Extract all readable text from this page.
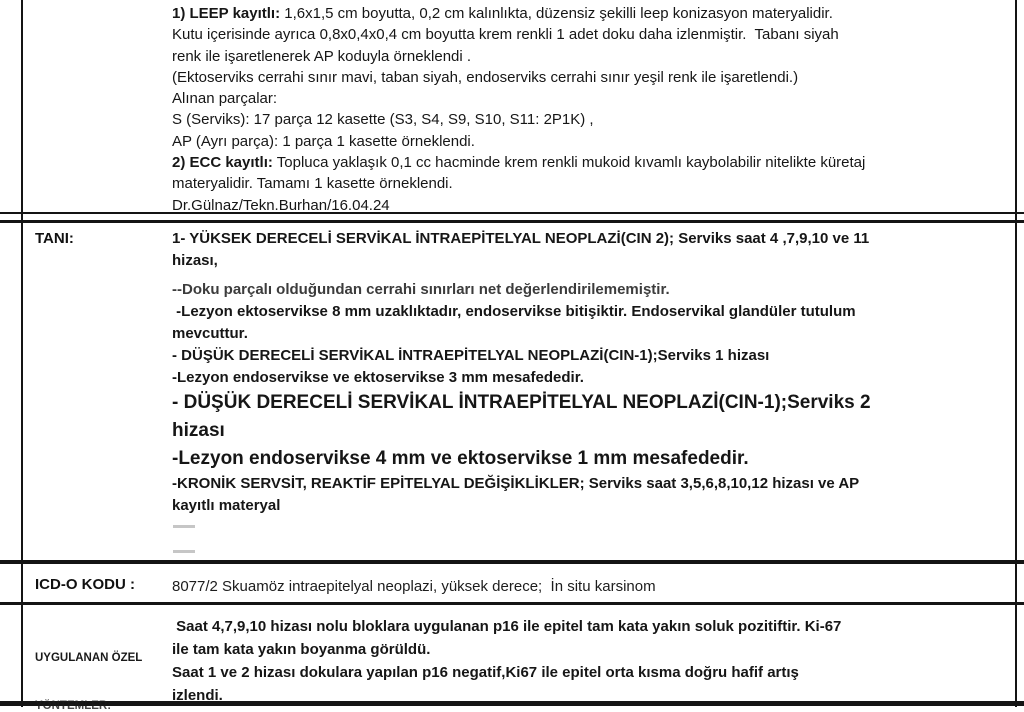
1) LEEP kayıtlı: 1,6x1,5 cm boyutta, 0,2 cm kalınlıkta, düzensiz şekilli leep konizasyon materyalidir.
Kutu içerisinde ayrıca 0,8x0,4x0,4 cm boyutta krem renkli 1 adet doku daha izlenmiştir.  Tabanı siyah
renk ile işaretlenerek AP koduyla örneklendi .
(Ektoserviks cerrahi sınır mavi, taban siyah, endoserviks cerrahi sınır yeşil renk ile işaretlendi.)
Alınan parçalar:
S (Serviks): 17 parça 12 kasette (S3, S4, S9, S10, S11: 2P1K) ,
AP (Ayrı parça): 1 parça 1 kasette örneklendi.
2) ECC kayıtlı: Topluca yaklaşık 0,1 cc hacminde krem renkli mukoid kıvamlı kaybolabilir nitelikte küretaj
materyalidir. Tamamı 1 kasette örneklendi.
Dr.Gülnaz/Tekn.Burhan/16.04.24
TANI:	1- YÜKSEK DERECELİ SERVİKAL İNTRAEPİTELYAL NEOPLAZİ(CIN 2); Serviks saat 4 ,7,9,10 ve 11
hizası,
--Doku parçalı olduğundan cerrahi sınırları net değerlendirilememiştir.
-Lezyon ektoservikse 8 mm uzaklıktadır, endoservikse bitişiktir. Endoservikal glandüler tutulum
mevcuttur.
- DÜŞÜK DERECELİ SERVİKAL İNTRAEPİTELYAL NEOPLAZİ(CIN-1);Serviks 1 hizası
-Lezyon endoservikse ve ektoservikse 3 mm mesafededir.
- DÜŞÜK DERECELİ SERVİKAL İNTRAEPİTELYAL NEOPLAZİ(CIN-1);Serviks 2
hizası
-Lezyon endoservikse 4 mm ve ektoservikse 1 mm mesafededir.
-KRONİK SERVSİT, REAKTİF EPİTELYAL DEĞİŞİKLİKLER; Serviks saat 3,5,6,8,10,12 hizası ve AP
kayıtlı materyal
ICD-O KODU : 8077/2 Skuamöz intraepitelyal neoplazi, yüksek derece;  İn situ karsinom

UYGULANAN ÖZEL

YÖNTEMLER:

Saat 4,7,9,10 hizası nolu bloklara uygulanan p16 ile epitel tam kata yakın soluk pozitiftir. Ki-67
ile tam kata yakın boyanma görüldü.
Saat 1 ve 2 hizası dokulara yapılan p16 negatif,Ki67 ile epitel orta kısma doğru hafif artış
izlendi.
